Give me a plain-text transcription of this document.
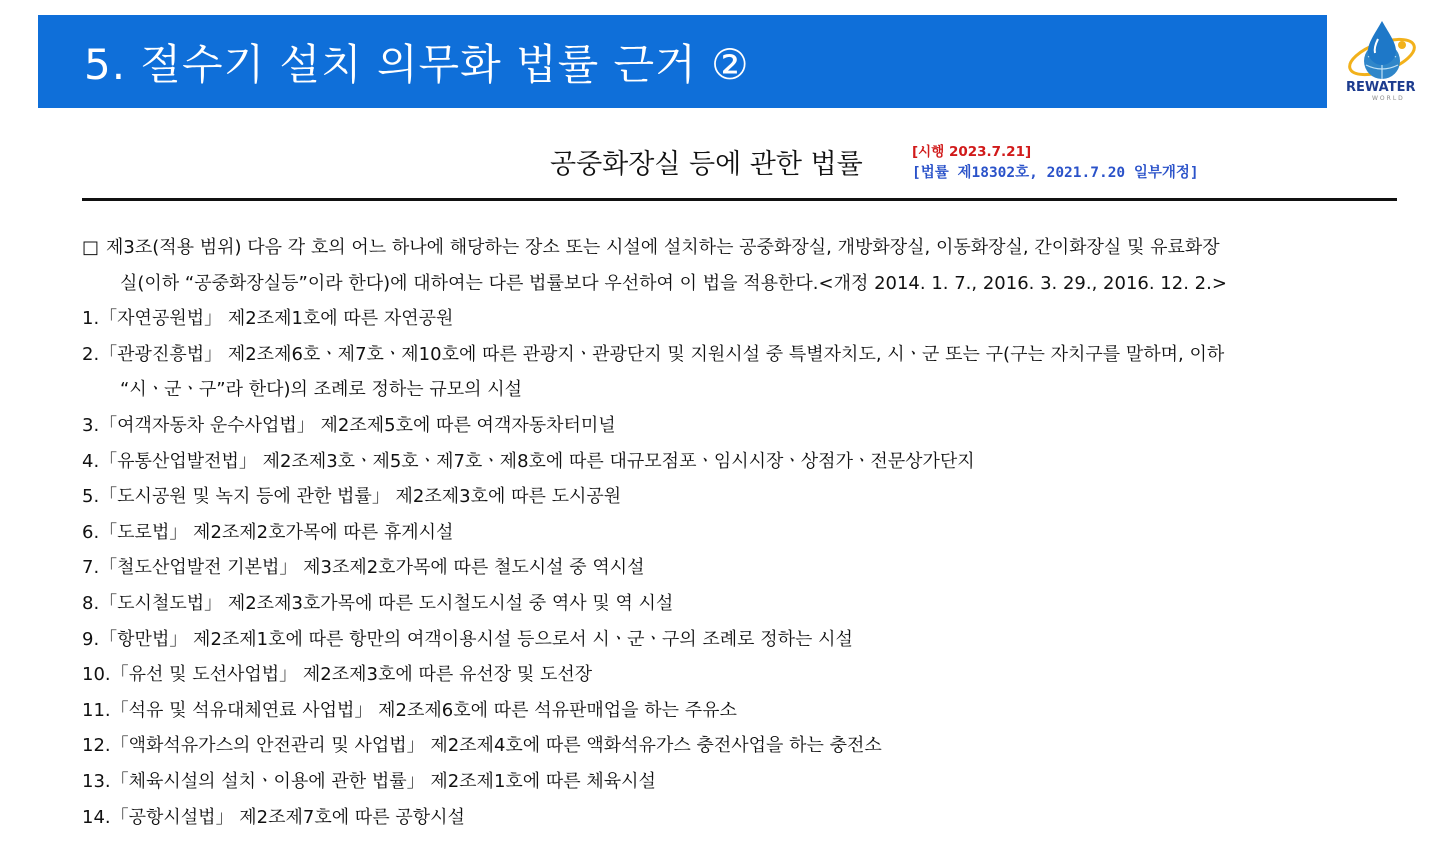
5. 절수기 설치 의무화 법률 근거 ②	REWATER
WORLD
공중화장실 등에 관한 법률	[시행 2023.7.21]
[법률 제18302호, 2021.7.20 일부개정]
□ 제3조(적용 범위) 다음 각 호의 어느 하나에 해당하는 장소 또는 시설에 설치하는 공중화장실, 개방화장실, 이동화장실, 간이화장실 및 유료화장
실(이하 “공중화장실등”이라 한다)에 대하여는 다른 법률보다 우선하여 이 법을 적용한다.<개정 2014. 1. 7., 2016. 3. 29., 2016. 12. 2.>
1.「자연공원법」 제2조제1호에 따른 자연공원
2.「관광진흥법」 제2조제6호ㆍ제7호ㆍ제10호에 따른 관광지ㆍ관광단지 및 지원시설 중 특별자치도, 시ㆍ군 또는 구(구는 자치구를 말하며, 이하
“시ㆍ군ㆍ구”라 한다)의 조례로 정하는 규모의 시설
3.「여객자동차 운수사업법」 제2조제5호에 따른 여객자동차터미널
4.「유통산업발전법」 제2조제3호ㆍ제5호ㆍ제7호ㆍ제8호에 따른 대규모점포ㆍ임시시장ㆍ상점가ㆍ전문상가단지
5.「도시공원 및 녹지 등에 관한 법률」 제2조제3호에 따른 도시공원
6.「도로법」 제2조제2호가목에 따른 휴게시설
7.「철도산업발전 기본법」 제3조제2호가목에 따른 철도시설 중 역시설
8.「도시철도법」 제2조제3호가목에 따른 도시철도시설 중 역사 및 역 시설
9.「항만법」 제2조제1호에 따른 항만의 여객이용시설 등으로서 시ㆍ군ㆍ구의 조례로 정하는 시설
10.「유선 및 도선사업법」 제2조제3호에 따른 유선장 및 도선장
11.「석유 및 석유대체연료 사업법」 제2조제6호에 따른 석유판매업을 하는 주유소
12.「액화석유가스의 안전관리 및 사업법」 제2조제4호에 따른 액화석유가스 충전사업을 하는 충전소
13.「체육시설의 설치ㆍ이용에 관한 법률」 제2조제1호에 따른 체육시설
14.「공항시설법」 제2조제7호에 따른 공항시설
